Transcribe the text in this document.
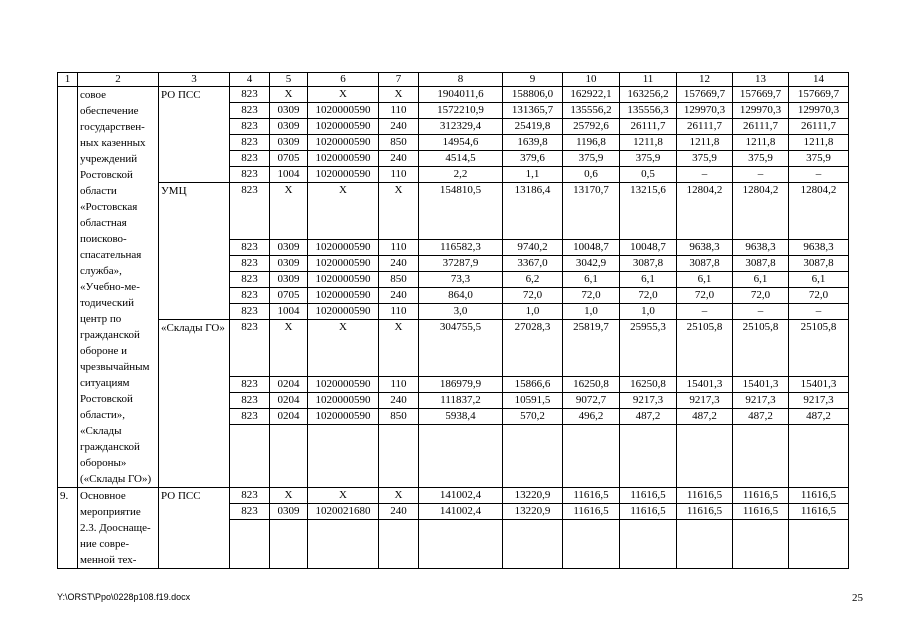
1	2	3	4	5	6	7	8	9	10	11	12	13	14
	совое обеспечение государственных казенных учреждений Ростовской области «Ростовская областная поисково-спасательная служба», «Учебно-методический центр по гражданской обороне и чрезвычайным ситуациям Ростовской области», «Склады гражданской обороны» («Склады ГО»)	РО ПСС	823	X	X	X	1904011,6	158806,0	162922,1	163256,2	157669,7	157669,7	157669,7
			823	0309	1020000590	110	1572210,9	131365,7	135556,2	135556,3	129970,3	129970,3	129970,3
			823	0309	1020000590	240	312329,4	25419,8	25792,6	26111,7	26111,7	26111,7	26111,7
			823	0309	1020000590	850	14954,6	1639,8	1196,8	1211,8	1211,8	1211,8	1211,8
			823	0705	1020000590	240	4514,5	379,6	375,9	375,9	375,9	375,9	375,9
			823	1004	1020000590	110	2,2	1,1	0,6	0,5	–	–	–
		УМЦ	823	X	X	X	154810,5	13186,4	13170,7	13215,6	12804,2	12804,2	12804,2
			823	0309	1020000590	110	116582,3	9740,2	10048,7	10048,7	9638,3	9638,3	9638,3
			823	0309	1020000590	240	37287,9	3367,0	3042,9	3087,8	3087,8	3087,8	3087,8
			823	0309	1020000590	850	73,3	6,2	6,1	6,1	6,1	6,1	6,1
			823	0705	1020000590	240	864,0	72,0	72,0	72,0	72,0	72,0	72,0
			823	1004	1020000590	110	3,0	1,0	1,0	1,0	–	–	–
		«Склады ГО»	823	X	X	X	304755,5	27028,3	25819,7	25955,3	25105,8	25105,8	25105,8
			823	0204	1020000590	110	186979,9	15866,6	16250,8	16250,8	15401,3	15401,3	15401,3
			823	0204	1020000590	240	111837,2	10591,5	9072,7	9217,3	9217,3	9217,3	9217,3
			823	0204	1020000590	850	5938,4	570,2	496,2	487,2	487,2	487,2	487,2

9.	Основное мероприятие 2.3. Дооснащение современной тех-	РО ПСС	823	X	X	X	141002,4	13220,9	11616,5	11616,5	11616,5	11616,5	11616,5
			823	0309	1020021680	240	141002,4	13220,9	11616,5	11616,5	11616,5	11616,5	11616,5

Y:\ORST\Ppo\0228p108.f19.docx	25
